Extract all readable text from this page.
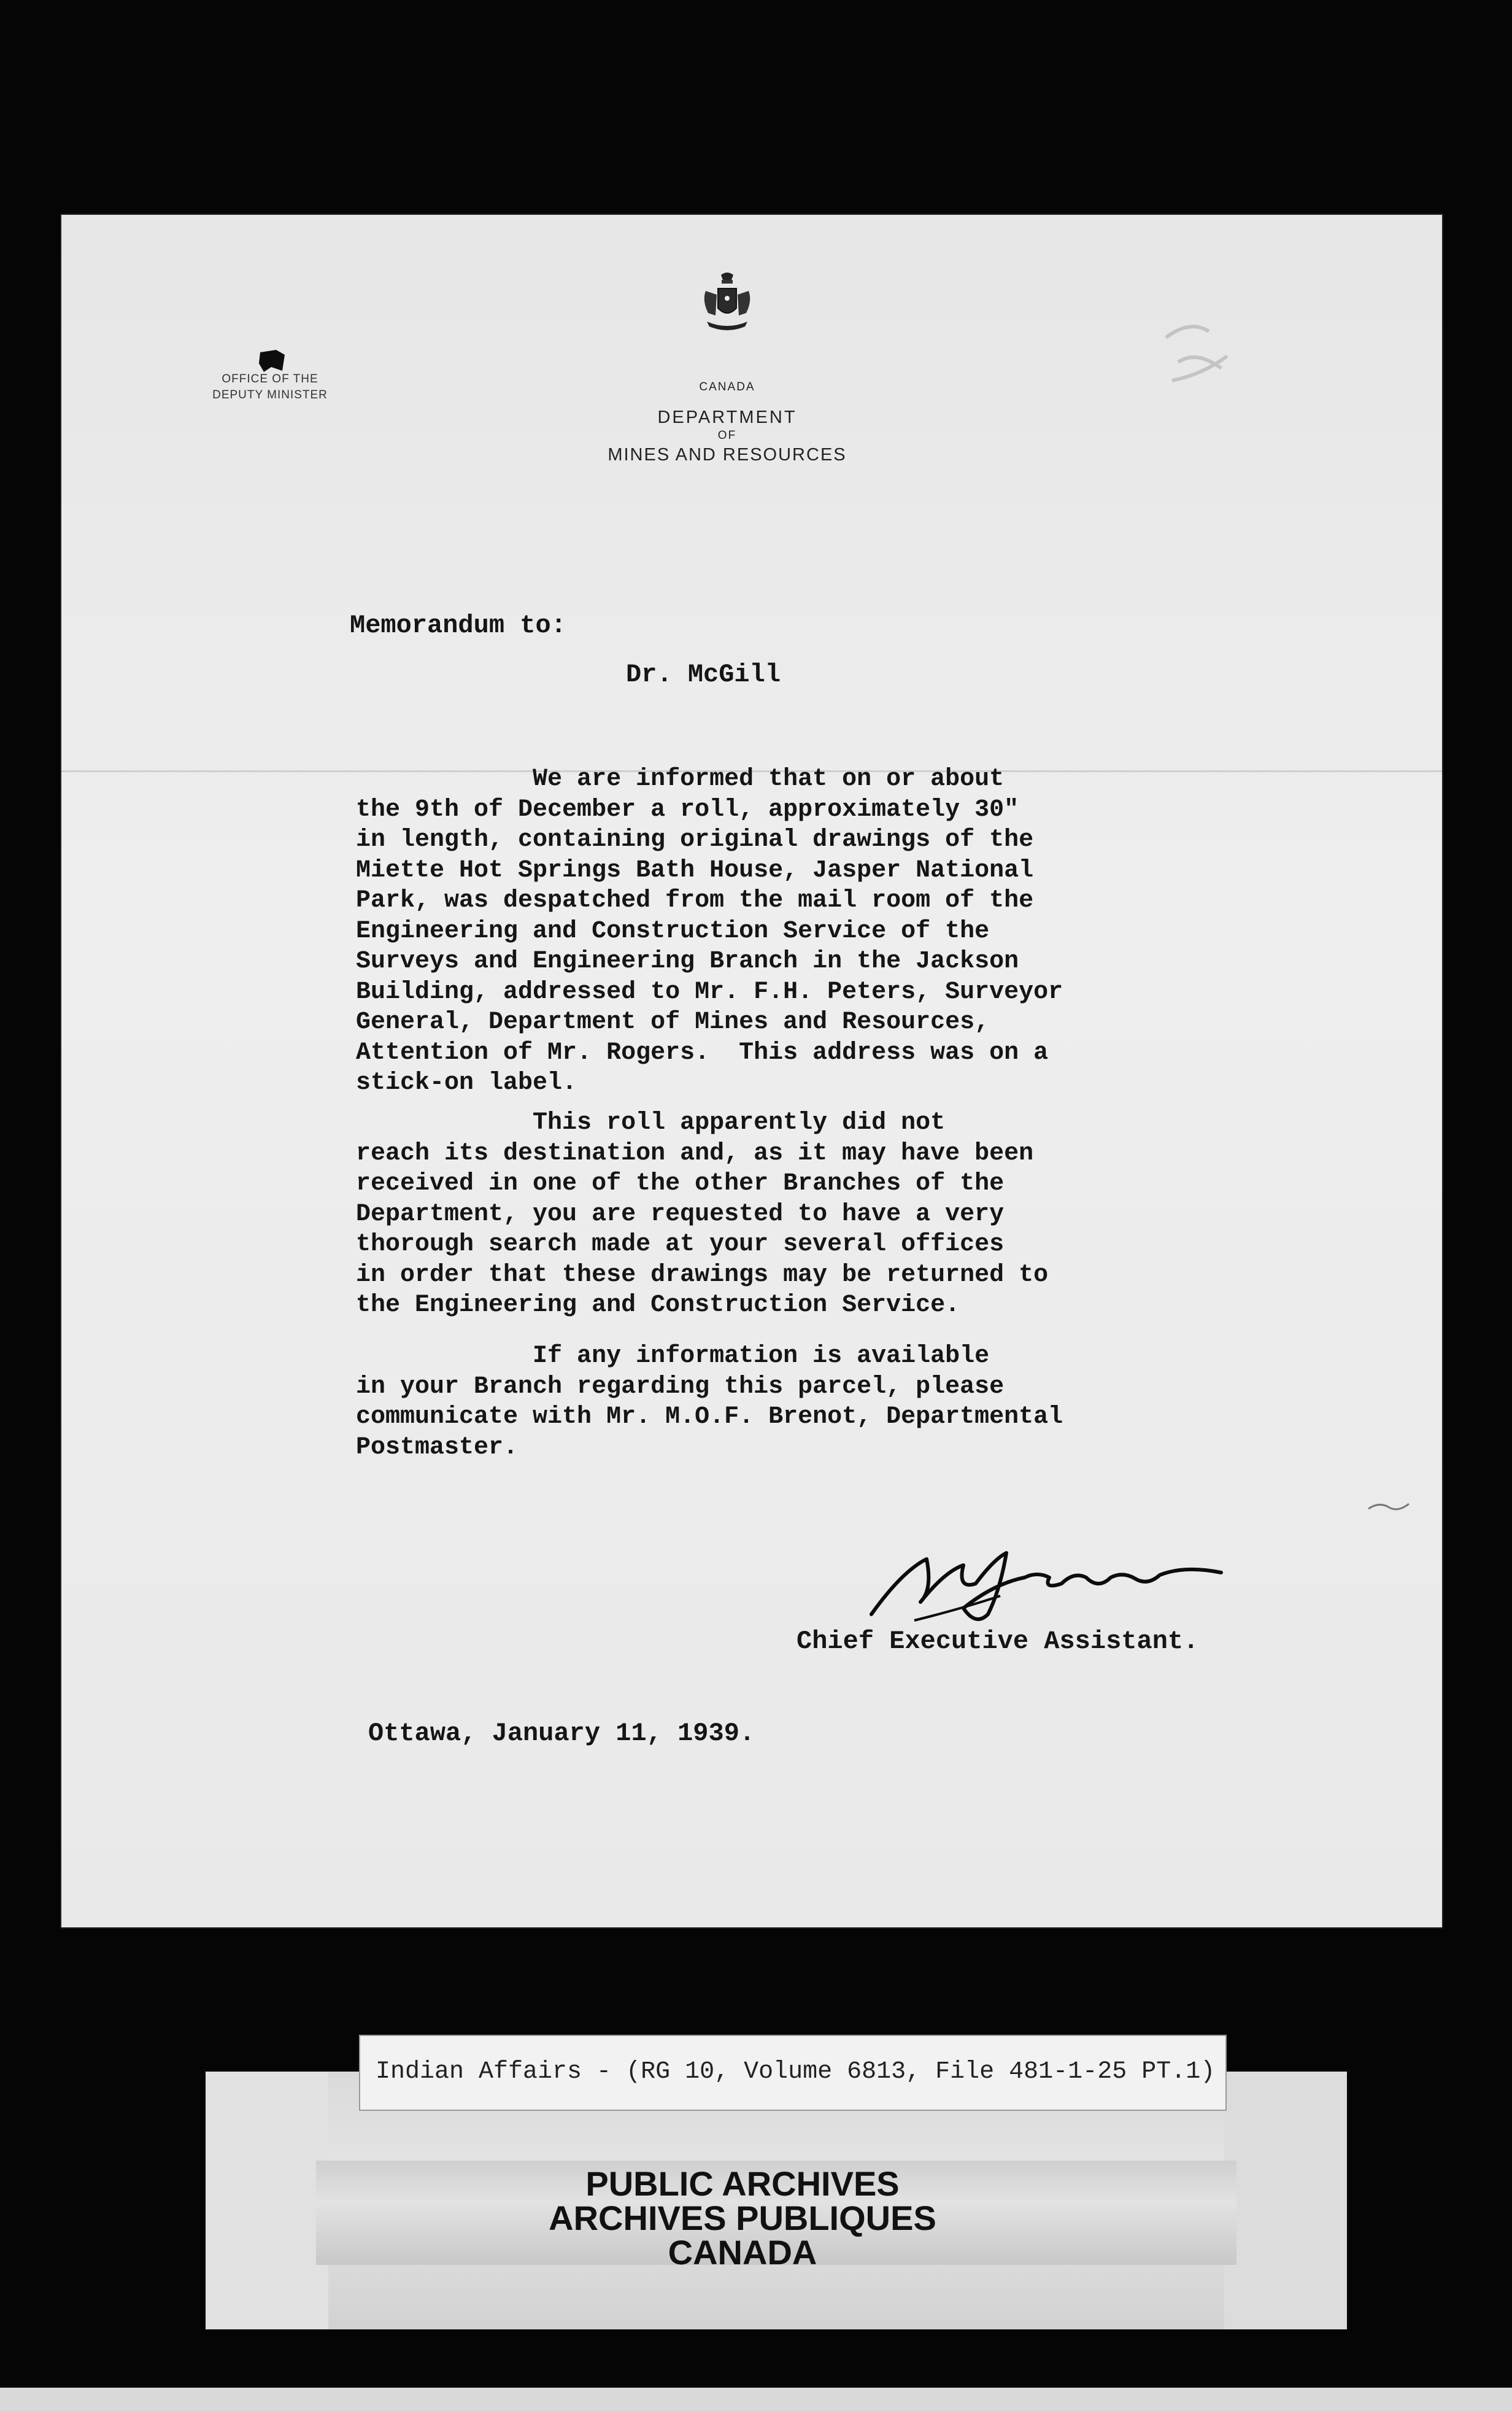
OFFICE OF THE
DEPUTY MINISTER
CANADA
DEPARTMENT
OF
MINES AND RESOURCES
Memorandum to:
Dr. McGill
We are informed that on or about
the 9th of December a roll, approximately 30"
in length, containing original drawings of the
Miette Hot Springs Bath House, Jasper National
Park, was despatched from the mail room of the
Engineering and Construction Service of the
Surveys and Engineering Branch in the Jackson
Building, addressed to Mr. F.H. Peters, Surveyor
General, Department of Mines and Resources,
Attention of Mr. Rogers.  This address was on a
stick-on label.
This roll apparently did not
reach its destination and, as it may have been
received in one of the other Branches of the
Department, you are requested to have a very
thorough search made at your several offices
in order that these drawings may be returned to
the Engineering and Construction Service.
If any information is available
in your Branch regarding this parcel, please
communicate with Mr. M.O.F. Brenot, Departmental
Postmaster.
Chief Executive Assistant.
Ottawa, January 11, 1939.
Indian Affairs - (RG 10, Volume 6813, File 481-1-25 PT.1)
PUBLIC ARCHIVES
ARCHIVES PUBLIQUES
CANADA
